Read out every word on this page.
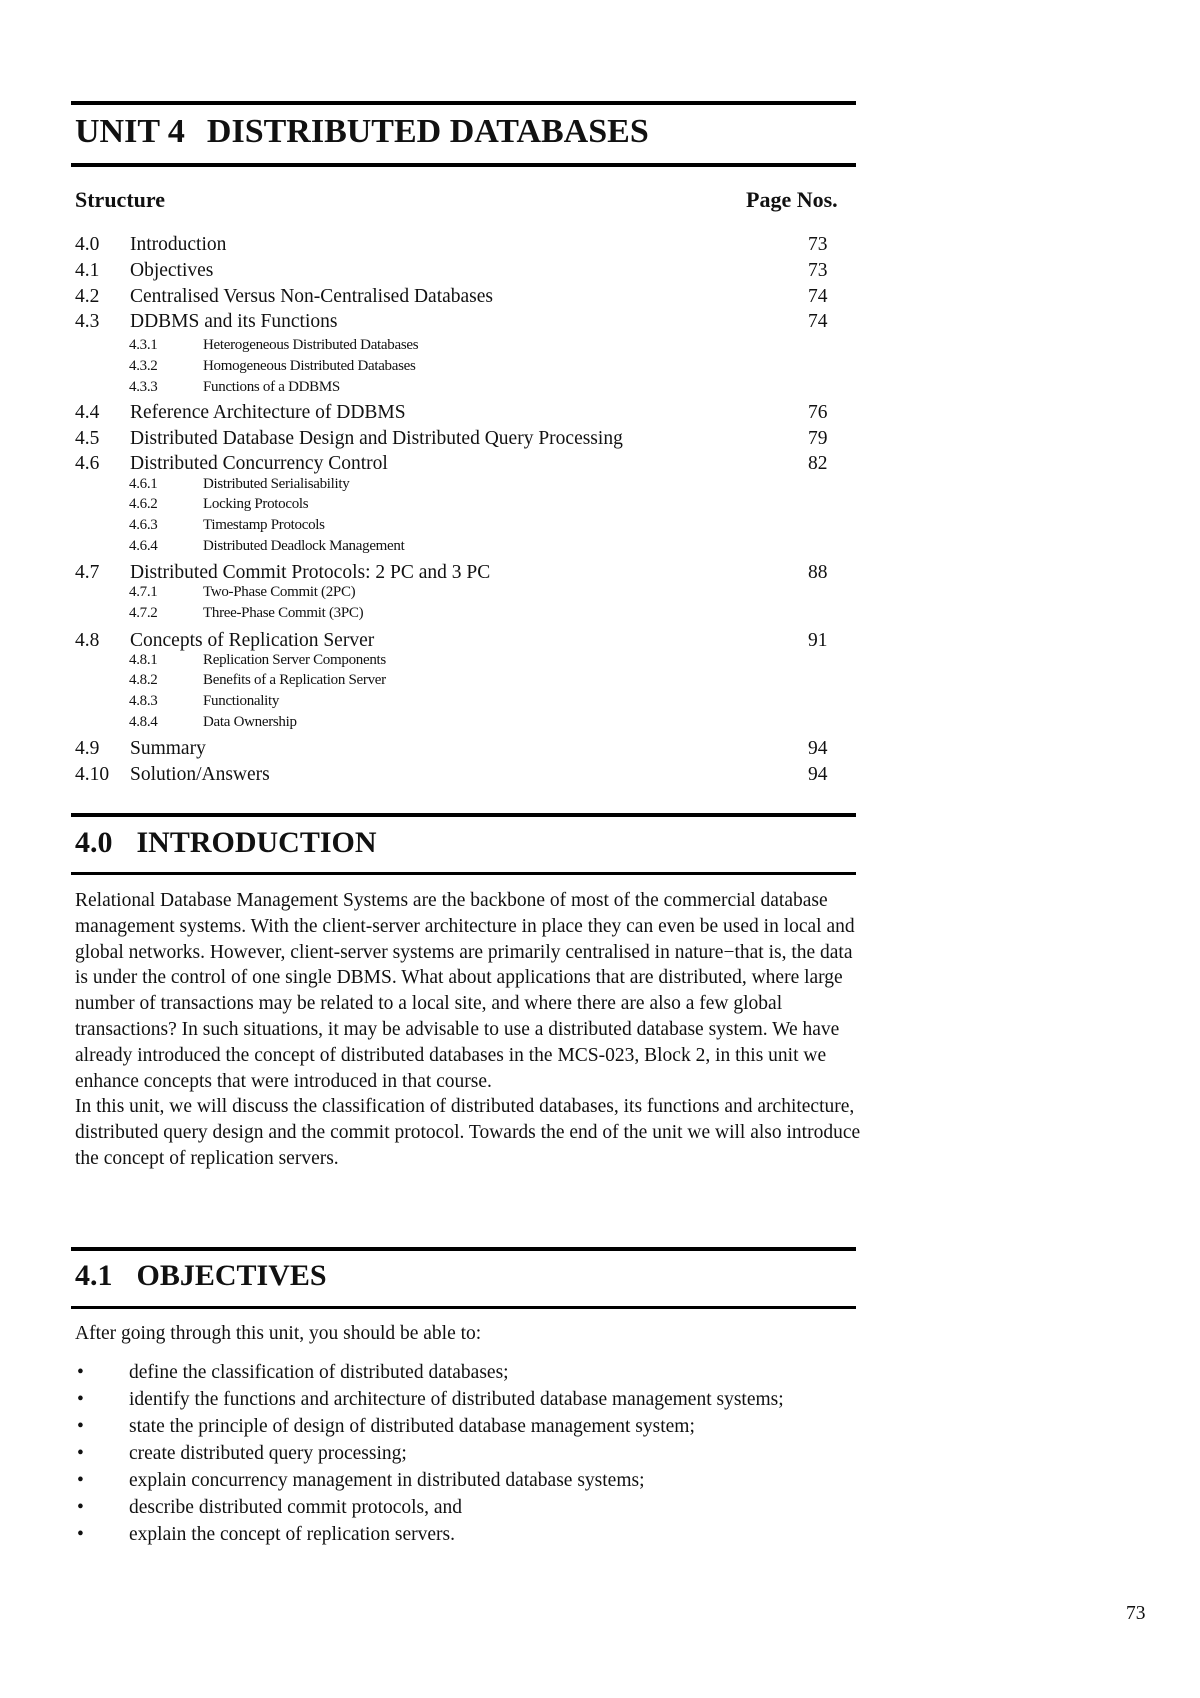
UNIT 4 DISTRIBUTED DATABASES
Structure	Page Nos.
4.0 Introduction	73
4.1 Objectives	73
4.2 Centralised Versus Non-Centralised Databases	74
4.3 DDBMS and its Functions	74
4.3.1	Heterogeneous Distributed Databases
4.3.2	Homogeneous Distributed Databases
4.3.3	Functions of a DDBMS
4.4 Reference Architecture of DDBMS	76
4.5 Distributed Database Design and Distributed Query Processing	79
4.6 Distributed Concurrency Control	82
4.6.1	Distributed Serialisability
4.6.2	Locking Protocols
4.6.3	Timestamp Protocols
4.6.4	Distributed Deadlock Management
4.7 Distributed Commit Protocols: 2 PC and 3 PC	88
4.7.1	Two-Phase Commit (2PC)
4.7.2	Three-Phase Commit (3PC)
4.8 Concepts of Replication Server	91
4.8.1	Replication Server Components
4.8.2	Benefits of a Replication Server
4.8.3	Functionality
4.8.4	Data Ownership
4.9 Summary	94
4.10 Solution/Answers	94
4.0 INTRODUCTION

Relational Database Management Systems are the backbone of most of the commercial database management systems. With the client-server architecture in place they can even be used in local and global networks. However, client-server systems are primarily centralised in nature−that is, the data is under the control of one single DBMS. What about applications that are distributed, where large number of transactions may be related to a local site, and where there are also a few global transactions? In such situations, it may be advisable to use a distributed database system. We have already introduced the concept of distributed databases in the MCS-023, Block 2, in this unit we enhance concepts that were introduced in that course.

In this unit, we will discuss the classification of distributed databases, its functions and architecture, distributed query design and the commit protocol. Towards the end of the unit we will also introduce the concept of replication servers.

4.1 OBJECTIVES
After going through this unit, you should be able to:
• define the classification of distributed databases;
• identify the functions and architecture of distributed database management systems;
• state the principle of design of distributed database management system;
• create distributed query processing;
• explain concurrency management in distributed database systems;
• describe distributed commit protocols, and
• explain the concept of replication servers.
73
